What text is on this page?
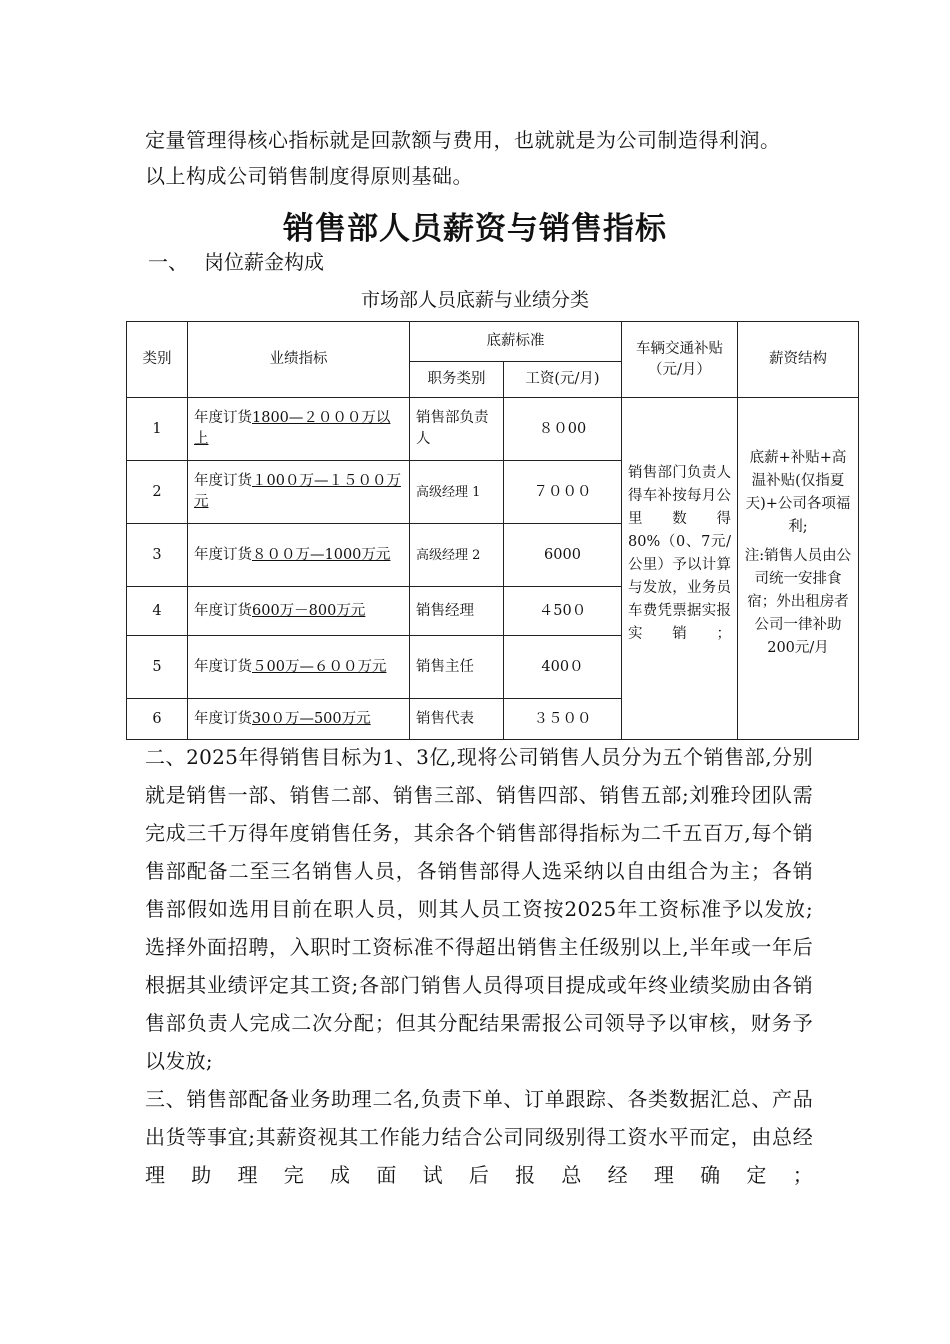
定量管理得核心指标就是回款额与费用，也就就是为公司制造得利润。
以上构成公司销售制度得原则基础。
销售部人员薪资与销售指标
一、 岗位薪金构成
市场部人员底薪与业绩分类
类别	业绩指标	底薪标准		车辆交通补贴（元/月）	薪资结构
		职务类别	工资(元/月)		
1	年度订货1800—２０００万以上	销售部负责人	８０00	销售部门负责人得车补按每月公里数得80%（0、7元/公里）予以计算与发放，业务员车费凭票据实报实销；	底薪+补贴+高温补贴(仅指夏天)+公司各项福利;
注:销售人员由公司统一安排食宿；外出租房者公司一律补助200元/月

2	年度订货１00０万—１５００万元	高级经理 1	７０００		
3	年度订货８００万—1000万元	高级经理 2	6000		
4	年度订货600万－800万元	销售经理	４50０		
5	年度订货５00万—６００万元	销售主任	400０		
6	年度订货30０万—500万元	销售代表	３５００		

二、2025年得销售目标为1、3亿,现将公司销售人员分为五个销售部,分别就是销售一部、销售二部、销售三部、销售四部、销售五部;刘雅玲团队需完成三千万得年度销售任务，其余各个销售部得指标为二千五百万,每个销售部配备二至三名销售人员，各销售部得人选采纳以自由组合为主；各销售部假如选用目前在职人员，则其人员工资按2025年工资标准予以发放;选择外面招聘，入职时工资标准不得超出销售主任级别以上,半年或一年后根据其业绩评定其工资;各部门销售人员得项目提成或年终业绩奖励由各销售部负责人完成二次分配；但其分配结果需报公司领导予以审核，财务予以发放;

三、销售部配备业务助理二名,负责下单、订单跟踪、各类数据汇总、产品出货等事宜;其薪资视其工作能力结合公司同级别得工资水平而定，由总经理助理完成面试后报总经理确定；
